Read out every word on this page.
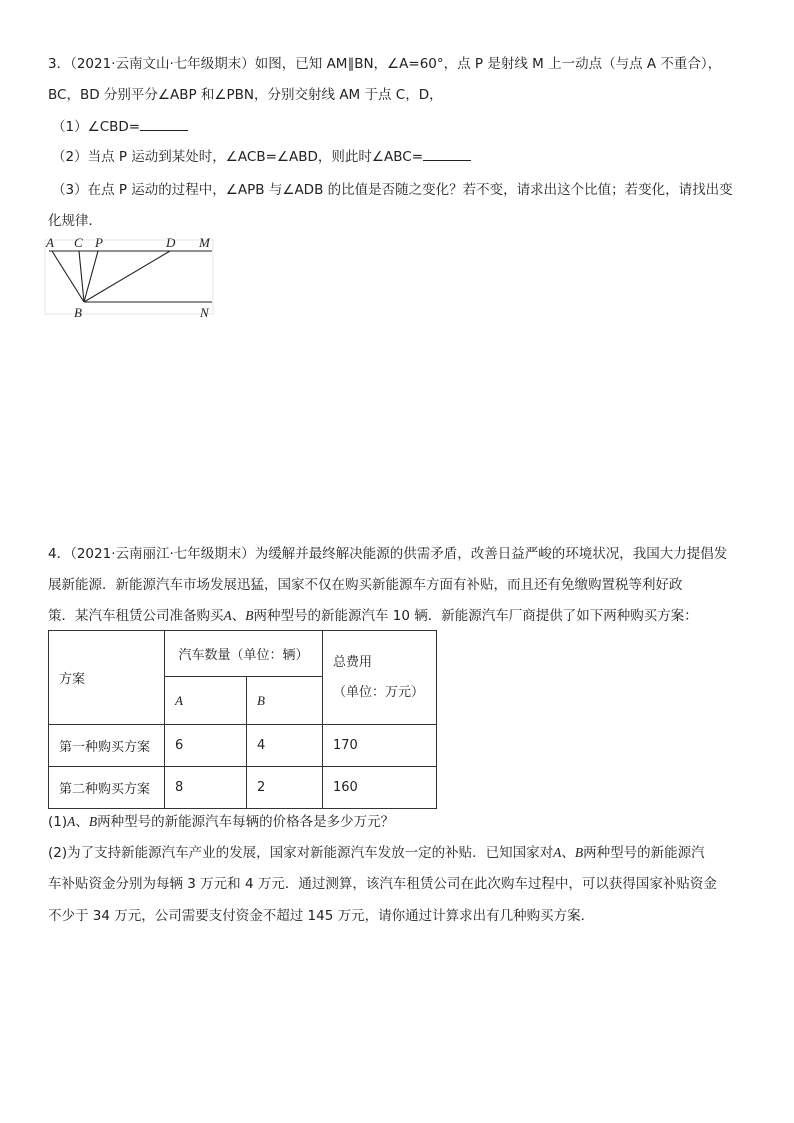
3．（2021·云南文山·七年级期末）如图，已知 AM∥BN，∠A=60°，点 P 是射线 M 上一动点（与点 A 不重合），
BC，BD 分别平分∠ABP 和∠PBN，分别交射线 AM 于点 C，D，
（1）∠CBD=
（2）当点 P 运动到某处时，∠ACB=∠ABD，则此时∠ABC=
（3）在点 P 运动的过程中，∠APB 与∠ADB 的比值是否随之变化？若不变，请求出这个比值；若变化，请找出变
化规律．
A C P	D M
B	N
4．（2021·云南丽江·七年级期末）为缓解并最终解决能源的供需矛盾，改善日益严峻的环境状况，我国大力提倡发
展新能源．新能源汽车市场发展迅猛，国家不仅在购买新能源车方面有补贴，而且还有免缴购置税等利好政
策．某汽车租赁公司准备购买A、B两种型号的新能源汽车 10 辆．新能源汽车厂商提供了如下两种购买方案：
方案	汽车数量（单位：辆）		总费用
（单位：万元）

	A	B	
第一种购买方案	6	4	170
第二种购买方案	8	2	160
(1)A、B两种型号的新能源汽车每辆的价格各是多少万元？
(2)为了支持新能源汽车产业的发展，国家对新能源汽车发放一定的补贴．已知国家对A、B两种型号的新能源汽
车补贴资金分别为每辆 3 万元和 4 万元．通过测算，该汽车租赁公司在此次购车过程中，可以获得国家补贴资金
不少于 34 万元，公司需要支付资金不超过 145 万元，请你通过计算求出有几种购买方案．
